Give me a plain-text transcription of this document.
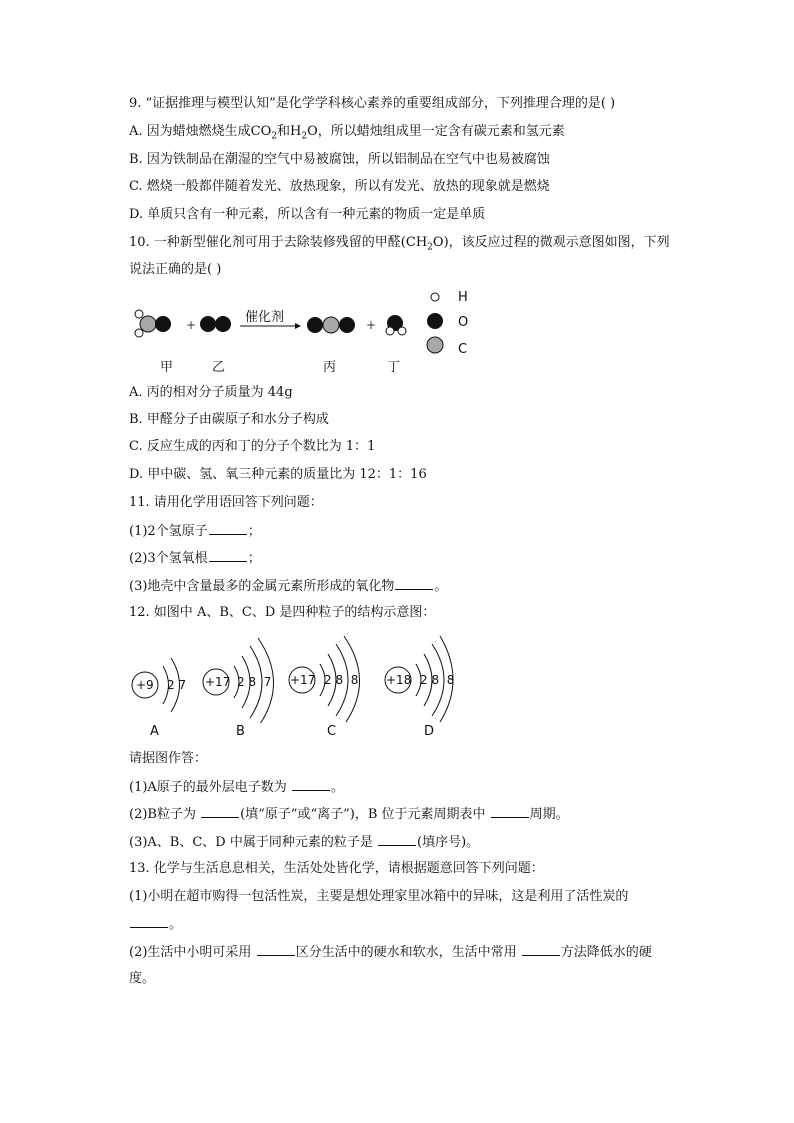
9. “证据推理与模型认知”是化学学科核心素养的重要组成部分，下列推理合理的是( )
A. 因为蜡烛燃烧生成$CO_2$和$H_2O$，所以蜡烛组成里一定含有碳元素和氢元素
B. 因为铁制品在潮湿的空气中易被腐蚀，所以铝制品在空气中也易被腐蚀
C. 燃烧一般都伴随着发光、放热现象，所以有发光、放热的现象就是燃烧
D. 单质只含有一种元素，所以含有一种元素的物质一定是单质
10. 一种新型催化剂可用于去除装修残留的甲醛$(CH_2O)$，该反应过程的微观示意图如图，下列
说法正确的是( )
+	+
催化剂
H
O
C
甲	乙	丙	丁
A. 丙的相对分子质量为 44g
B. 甲醛分子由碳原子和水分子构成
C. 反应生成的丙和丁的分子个数比为 1：1
D. 甲中碳、氢、氧三种元素的质量比为 12：1：16
11. 请用化学用语回答下列问题：
(1)2个氢原子	；
(2)3个氢氧根	；
(3)地壳中含量最多的金属元素所形成的氧化物	。
12. 如图中 A、B、C、D 是四种粒子的结构示意图：
+9 2 7 +17 2 8  7 +17 2 8  8 +18 2 8  8
A	B	C	D
请据图作答：
(1)A原子的最外层电子数为	。
(2)B粒子为	(填“原子”或“离子”)，B 位于元素周期表中	周期。
(3)A、B、C、D 中属于同种元素的粒子是	(填序号)。
13. 化学与生活息息相关，生活处处皆化学，请根据题意回答下列问题：
(1)小明在超市购得一包活性炭，主要是想处理家里冰箱中的异味，这是利用了活性炭的
。
(2)生活中小明可采用	区分生活中的硬水和软水，生活中常用	方法降低水的硬
度。
